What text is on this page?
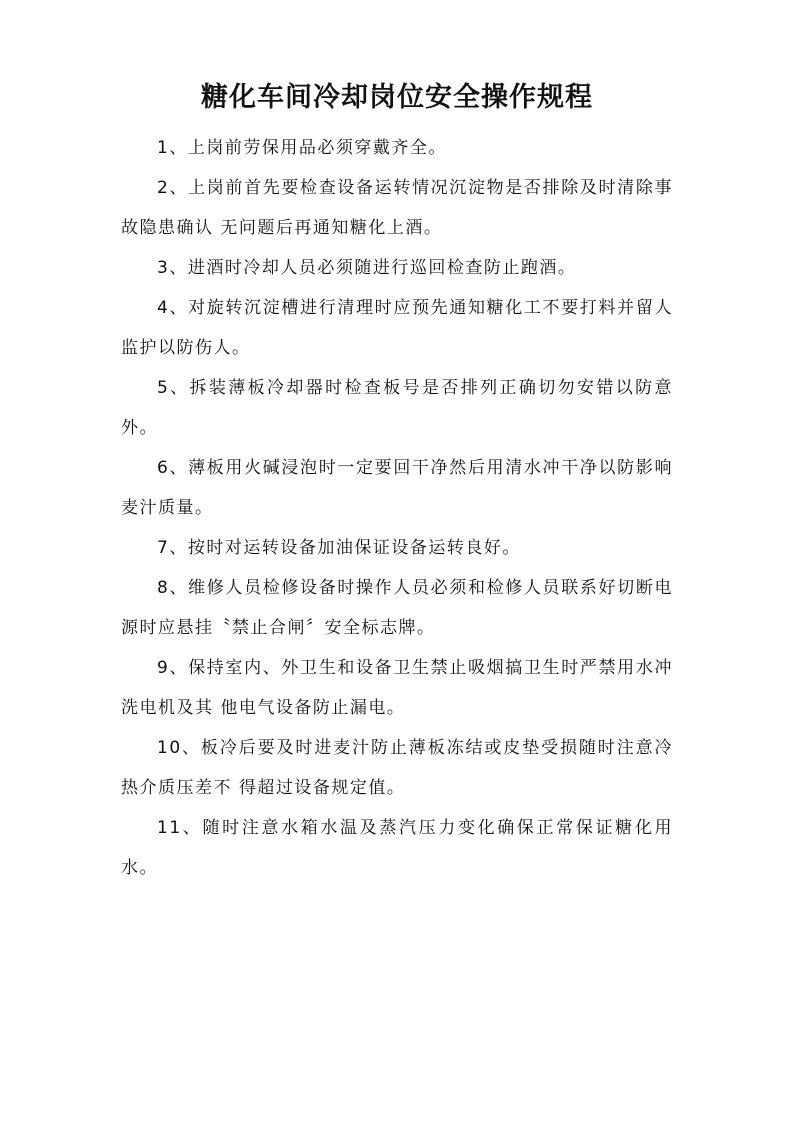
糖化车间冷却岗位安全操作规程

1、上岗前劳保用品必须穿戴齐全。

2、上岗前首先要检查设备运转情况沉淀物是否排除及时清除事故隐患确认 无问题后再通知糖化上酒。

3、进酒时冷却人员必须随进行巡回检查防止跑酒。

4、对旋转沉淀槽进行清理时应预先通知糖化工不要打料并留人监护以防伤人。

5、拆装薄板冷却器时检查板号是否排列正确切勿安错以防意外。

6、薄板用火碱浸泡时一定要回干净然后用清水冲干净以防影响麦汁质量。

7、按时对运转设备加油保证设备运转良好。

8、维修人员检修设备时操作人员必须和检修人员联系好切断电源时应悬挂〝禁止合闸〞安全标志牌。

9、保持室内、外卫生和设备卫生禁止吸烟搞卫生时严禁用水冲洗电机及其 他电气设备防止漏电。

10、板冷后要及时进麦汁防止薄板冻结或皮垫受损随时注意冷热介质压差不 得超过设备规定值。

11、随时注意水箱水温及蒸汽压力变化确保正常保证糖化用水。
